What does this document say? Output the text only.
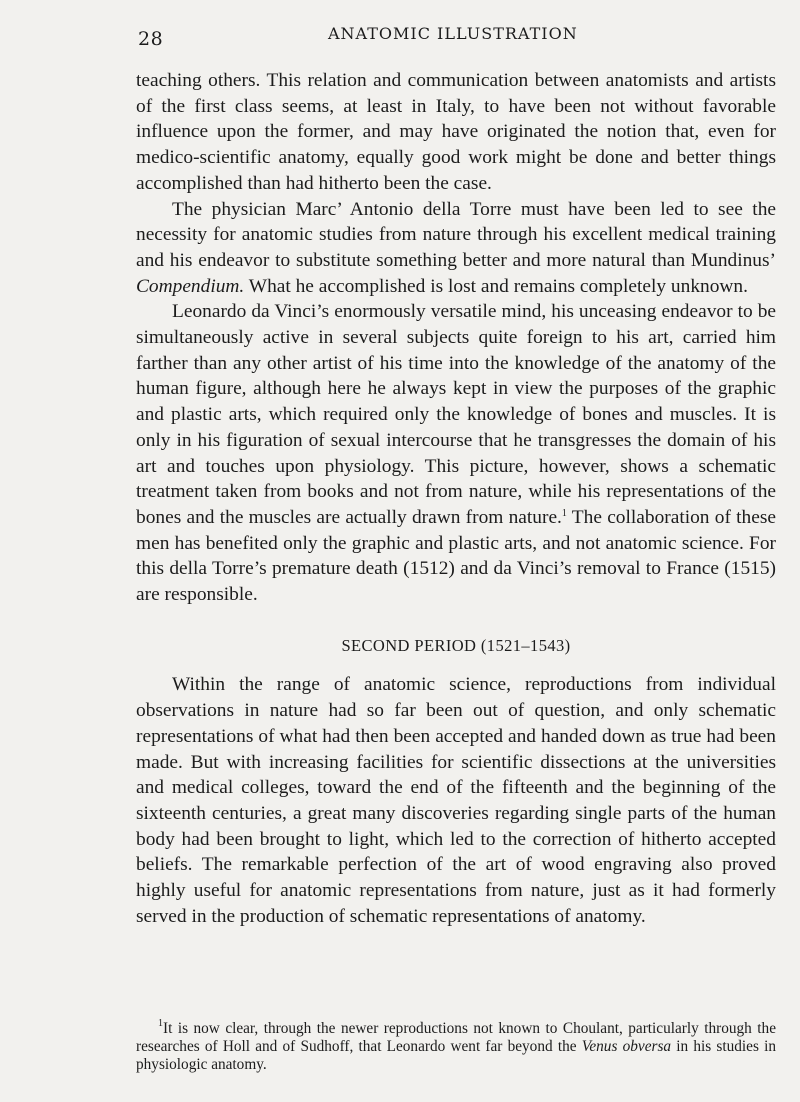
28	ANATOMIC ILLUSTRATION

teaching others. This relation and communication between anatomists and artists of the first class seems, at least in Italy, to have been not without favorable influence upon the former, and may have originated the notion that, even for medico-scientific anatomy, equally good work might be done and better things accomplished than had hitherto been the case.

The physician Marc’ Antonio della Torre must have been led to see the necessity for anatomic studies from nature through his excellent medical training and his endeavor to substitute something better and more natural than Mundinus’ Compendium. What he accomplished is lost and remains completely unknown.

Leonardo da Vinci’s enormously versatile mind, his unceasing endeavor to be simultaneously active in several subjects quite foreign to his art, carried him farther than any other artist of his time into the knowledge of the anatomy of the human figure, although here he always kept in view the purposes of the graphic and plastic arts, which required only the knowledge of bones and muscles. It is only in his figuration of sexual intercourse that he transgresses the domain of his art and touches upon physiology. This picture, however, shows a schematic treatment taken from books and not from nature, while his representations of the bones and the muscles are actually drawn from nature.$^1$ The collaboration of these men has benefited only the graphic and plastic arts, and not anatomic science. For this della Torre’s premature death (1512) and da Vinci’s removal to France (1515) are responsible.

SECOND PERIOD (1521–1543)

Within the range of anatomic science, reproductions from individual observations in nature had so far been out of question, and only schematic representations of what had then been accepted and handed down as true had been made. But with increasing facilities for scientific dissections at the universities and medical colleges, toward the end of the fifteenth and the beginning of the sixteenth centuries, a great many discoveries regarding single parts of the human body had been brought to light, which led to the correction of hitherto accepted beliefs. The remarkable perfection of the art of wood engraving also proved highly useful for anatomic representations from nature, just as it had formerly served in the production of schematic representations of anatomy.

$^1$It is now clear, through the newer reproductions not known to Choulant, particularly through the researches of Holl and of Sudhoff, that Leonardo went far beyond the Venus obversa in his studies in physiologic anatomy.
